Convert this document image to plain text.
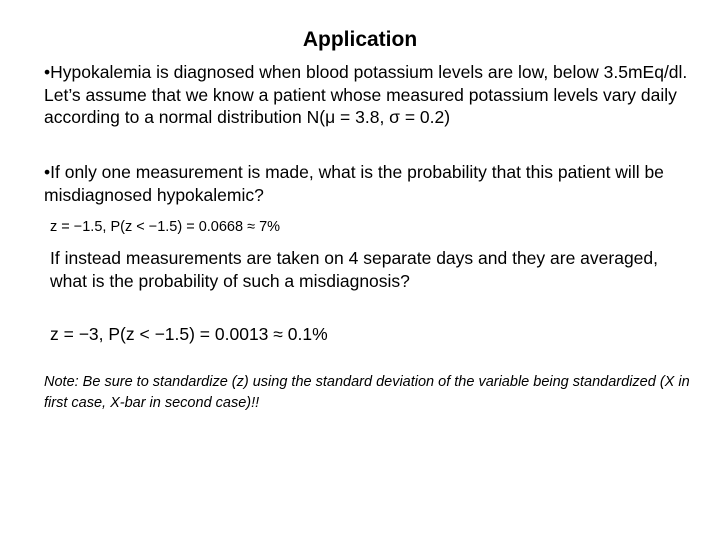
Application
•Hypokalemia is diagnosed when blood potassium levels are low, below 3.5mEq/dl. Let’s assume that we know a patient whose measured potassium levels vary daily according to a normal distribution N(μ = 3.8, σ = 0.2)
•If only one measurement is made, what is the probability that this patient will be misdiagnosed hypokalemic?
z = −1.5, P(z < −1.5) = 0.0668 ≈ 7%
If instead measurements are taken on 4 separate days and they are averaged, what is the probability of such a misdiagnosis?
z = −3, P(z < −1.5) = 0.0013 ≈ 0.1%
Note: Be sure to standardize (z) using the standard deviation of the variable being standardized (X in first case, X-bar in second case)!!
